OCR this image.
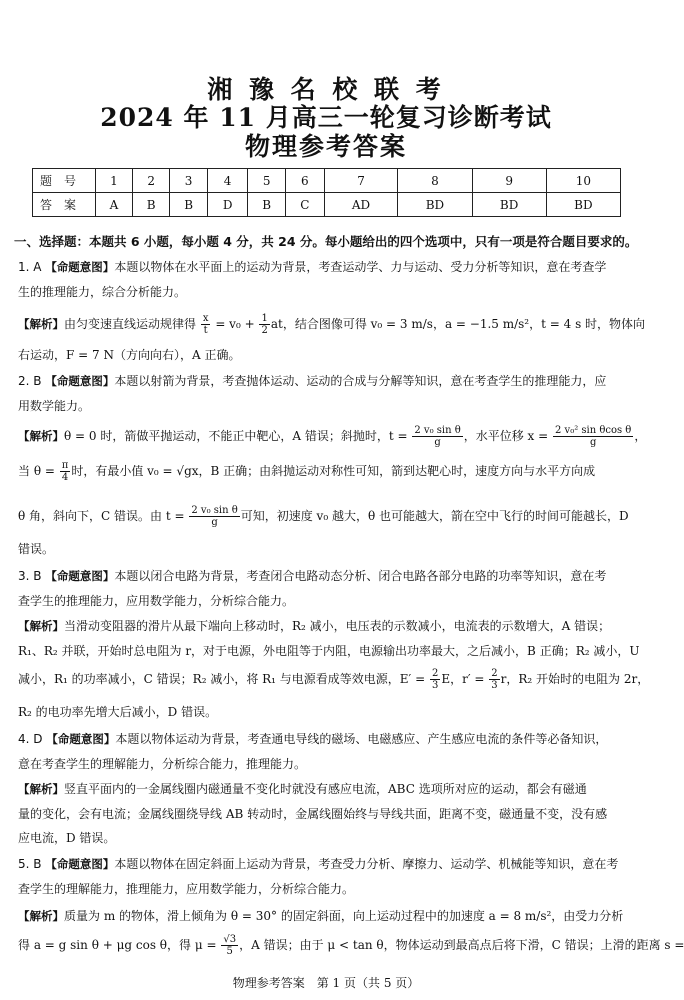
湘 豫 名 校 联 考
2024 年 11 月高三一轮复习诊断考试
物理参考答案
题号	1	2	3	4	5	6	7	8	9	10
答案	A	B	B	D	B	C	AD	BD	BD	BD
一、选择题：本题共 6 小题，每小题 4 分，共 24 分。每小题给出的四个选项中，只有一项是符合题目要求的。
1. A 【命题意图】本题以物体在水平面上的运动为背景，考查运动学、力与运动、受力分析等知识，意在考查学
生的推理能力，综合分析能力。
【解析】由匀变速直线运动规律得 $\frac{x}{t} = v_0 + \frac{1}{2}$ at，结合图像可得 v₀ = 3 m/s，a = −1.5 m/s²，t = 4 s 时，物体向
右运动，F = 7 N（方向向右），A 正确。
2. B 【命题意图】本题以射箭为背景，考查抛体运动、运动的合成与分解等知识，意在考查学生的推理能力，应
用数学能力。
【解析】θ = 0 时，箭做平抛运动，不能正中靶心，A 错误；斜抛时，$t = \frac{\text{2 v₀ sin θ}}{g}$ ，水平位移 $x = \frac{\text{2 v₀² sin θcos θ}}{g}$ ，
当 $\theta = \frac{\pi}{4}$ 时，有最小值 v₀ = √gx，B 正确；由斜抛运动对称性可知，箭到达靶心时，速度方向与水平方向成
θ 角，斜向下，C 错误。由 $t = \frac{\text{2 v₀ sin θ}}{g}$ 可知，初速度 v₀ 越大，θ 也可能越大，箭在空中飞行的时间可能越长，D
错误。
3. B 【命题意图】本题以闭合电路为背景，考查闭合电路动态分析、闭合电路各部分电路的功率等知识，意在考
查学生的推理能力，应用数学能力，分析综合能力。
【解析】当滑动变阻器的滑片从最下端向上移动时，R₂ 减小，电压表的示数减小，电流表的示数增大，A 错误；
R₁、R₂ 并联，开始时总电阻为 r，对于电源，外电阻等于内阻，电源输出功率最大，之后减小，B 正确；R₂ 减小，U
减小，R₁ 的功率减小，C 错误；R₂ 减小，将 R₁ 与电源看成等效电源，$E' = \frac{2}{3}$ E，$r' = \frac{2}{3}$ r，R₂ 开始时的电阻为 2r，
R₂ 的电功率先增大后减小，D 错误。
4. D 【命题意图】本题以物体运动为背景，考查通电导线的磁场、电磁感应、产生感应电流的条件等必备知识，
意在考查学生的理解能力，分析综合能力，推理能力。
【解析】竖直平面内的一金属线圈内磁通量不变化时就没有感应电流，ABC 选项所对应的运动，都会有磁通
量的变化，会有电流；金属线圈绕导线 AB 转动时，金属线圈始终与导线共面，距离不变，磁通量不变，没有感
应电流，D 错误。
5. B 【命题意图】本题以物体在固定斜面上运动为背景，考查受力分析、摩擦力、运动学、机械能等知识，意在考
查学生的理解能力，推理能力，应用数学能力，分析综合能力。
【解析】质量为 m 的物体，滑上倾角为 θ = 30° 的固定斜面，向上运动过程中的加速度 a = 8 m/s²，由受力分析
得 a = g sin θ + μg cos θ，得 $\mu = \frac{√3}{5}$ ，A 错误；由于 μ < tan θ，物体运动到最高点后将下滑，C 错误；上滑的距离 s =
物理参考答案　第 1 页（共 5 页）
